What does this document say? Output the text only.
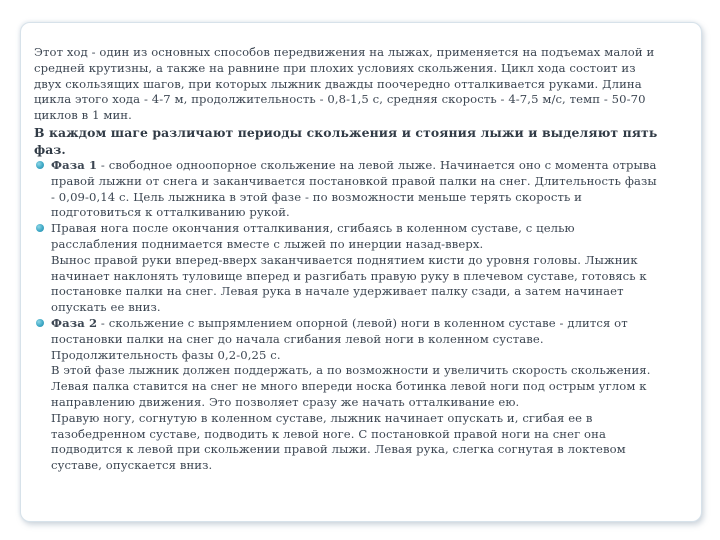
Этот ход - один из основных способов передвижения на лыжах, применяется на подъемах малой и
средней крутизны, а также на равнине при плохих условиях скольжения. Цикл хода состоит из
двух скользящих шагов, при которых лыжник дважды поочередно отталкивается руками. Длина
цикла этого хода - 4-7 м, продолжительность - 0,8-1,5 с, средняя скорость - 4-7,5 м/с, темп - 50-70
циклов в 1 мин.

В каждом шаге различают периоды скольжения и стояния лыжи и выделяют пять фаз.

Фаза 1 - свободное одноопорное скольжение на левой лыже. Начинается оно с момента отрыва
правой лыжни от снега и заканчивается постановкой правой палки на снег. Длительность фазы
- 0,09-0,14 с. Цель лыжника в этой фазе - по возможности меньше терять скорость и
подготовиться к отталкиванию рукой.
Правая нога после окончания отталкивания, сгибаясь в коленном суставе, с целью
расслабления поднимается вместе с лыжей по инерции назад-вверх.
Вынос правой руки вперед-вверх заканчивается поднятием кисти до уровня головы. Лыжник
начинает наклонять туловище вперед и разгибать правую руку в плечевом суставе, готовясь к
постановке палки на снег. Левая рука в начале удерживает палку сзади, а затем начинает
опускать ее вниз.
Фаза 2 - скольжение с выпрямлением опорной (левой) ноги в коленном суставе - длится от
постановки палки на снег до начала сгибания левой ноги в коленном суставе.
Продолжительность фазы 0,2-0,25 с.
В этой фазе лыжник должен поддержать, а по возможности и увеличить скорость скольжения.
Левая палка ставится на снег не много впереди носка ботинка левой ноги под острым углом к
направлению движения. Это позволяет сразу же начать отталкивание ею.
Правую ногу, согнутую в коленном суставе, лыжник начинает опускать и, сгибая ее в
тазобедренном суставе, подводить к левой ноге. С постановкой правой ноги на снег она
подводится к левой при скольжении правой лыжи. Левая рука, слегка согнутая в локтевом
суставе, опускается вниз.
